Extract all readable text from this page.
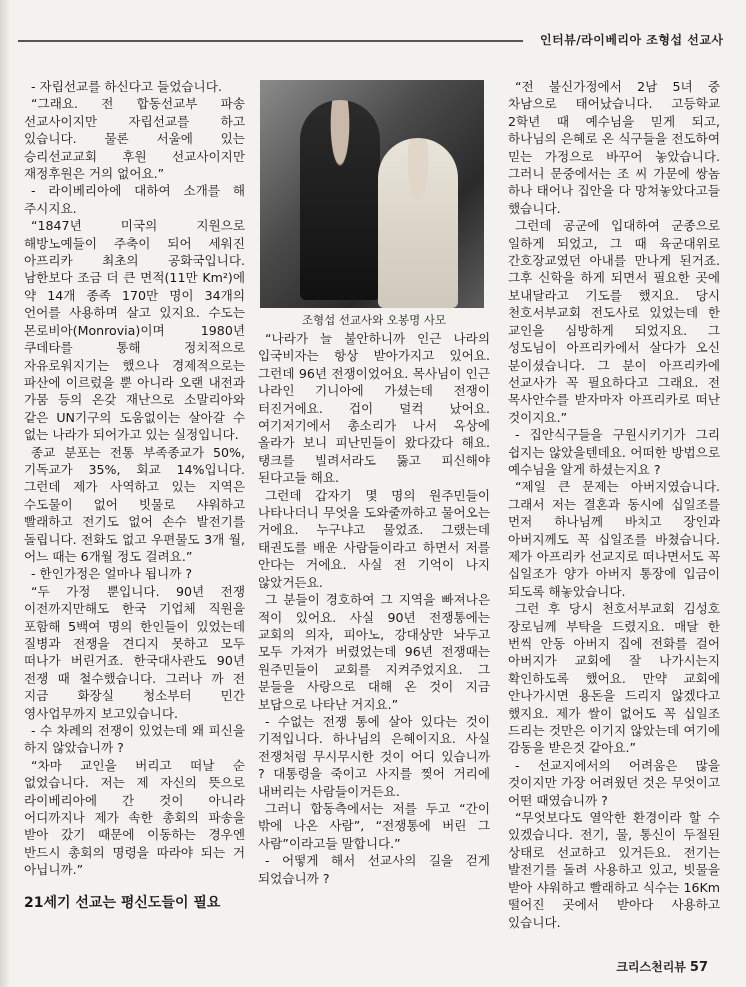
인터뷰/라이베리아 조형섭 선교사

- 자립선교를 하신다고 들었습니다.

“그래요. 전 합동선교부 파송 선교사이지만 자립선교를 하고 있습니다. 물론 서울에 있는 승리선교교회 후원 선교사이지만 재정후원은 거의 없어요.”

- 라이베리아에 대하여 소개를 해 주시지요.

“1847년 미국의 지원으로 해방노예들이 주축이 되어 세워진 아프리카 최초의 공화국입니다. 남한보다 조금 더 큰 면적(11만 Km²)에 약 14개 종족 170만 명이 34개의 언어를 사용하며 살고 있지요. 수도는 몬로비아(Monrovia)이며 1980년 쿠데타를 통해 정치적으로 자유로워지기는 했으나 경제적으로는 파산에 이르렀을 뿐 아니라 오랜 내전과 가뭄 등의 온갖 재난으로 소말리아와 같은 UN기구의 도움없이는 살아갈 수 없는 나라가 되어가고 있는 실정입니다.

종교 분포는 전통 부족종교가 50%, 기독교가 35%, 회교 14%입니다. 그런데 제가 사역하고 있는 지역은 수도물이 없어 빗물로 샤워하고 빨래하고 전기도 없어 손수 발전기를 돌립니다. 전화도 없고 우편물도 3개 월, 어느 때는 6개월 정도 걸려요.”

- 한인가정은 얼마나 됩니까 ?

“두 가정 뿐입니다. 90년 전쟁 이전까지만해도 한국 기업체 직원을 포함해 5백여 명의 한인들이 있었는데 질병과 전쟁을 견디지 못하고 모두 떠나가 버린거죠. 한국대사관도 90년 전쟁 때 철수했습니다. 그러나 까 전 지금 화장실 청소부터 민간 영사업무까지 보고있습니다.

- 수 차례의 전쟁이 있었는데 왜 피신을 하지 않았습니까 ?

“차마 교인을 버리고 떠날 순 없었습니다. 저는 제 자신의 뜻으로 라이베리아에 간 것이 아니라 어디까지나 제가 속한 총회의 파송을 받아 갔기 때문에 이동하는 경우엔 반드시 총회의 명령을 따라야 되는 거 아닙니까.”

21세기 선교는 평신도들이 필요

조형섭 선교사와 오봉명 사모

“나라가 늘 불안하니까 인근 나라의 입국비자는 항상 받아가지고 있어요. 그런데 96년 전쟁이었어요. 목사님이 인근 나라인 기니아에 가셨는데 전쟁이 터진거에요. 겁이 덜컥 났어요. 여기저기에서 총소리가 나서 옥상에 올라가 보니 피난민들이 왔다갔다 해요. 탱크를 빌려서라도 뚫고 피신해야 된다고들 해요.

그런데 갑자기 몇 명의 원주민들이 나타나더니 무엇을 도와줄까하고 물어오는 거에요. 누구냐고 물었죠. 그랬는데 태권도를 배운 사람들이라고 하면서 저를 안다는 거에요. 사실 전 기억이 나지 않았거든요.

그 분들이 경호하여 그 지역을 빠져나은 적이 있어요. 사실 90년 전쟁통에는 교회의 의자, 피아노, 강대상만 놔두고 모두 가져가 버렸었는데 96년 전쟁때는 원주민들이 교회를 지켜주었지요. 그 분들을 사랑으로 대해 온 것이 지금 보답으로 나타난 거지요.”

- 수없는 전쟁 통에 살아 있다는 것이 기적입니다. 하나님의 은혜이지요. 사실 전쟁처럼 무시무시한 것이 어디 있습니까 ? 대통령을 죽이고 사지를 찢어 거리에 내버리는 사람들이거든요.

그러니 합동측에서는 저를 두고 “간이 밖에 나온 사람”, “전쟁통에 버린 그 사람”이라고들 말합니다.”

- 어떻게 해서 선교사의 길을 걷게 되었습니까 ?

“전 불신가정에서 2남 5녀 중 차남으로 태어났습니다. 고등학교 2학년 때 예수님을 믿게 되고, 하나님의 은혜로 온 식구들을 전도하여 믿는 가정으로 바꾸어 놓았습니다. 그러니 문중에서는 조 씨 가문에 쌍놈 하나 태어나 집안을 다 망쳐놓았다고들 했습니다.

그런데 공군에 입대하여 군종으로 일하게 되었고, 그 때 육군대위로 간호장교였던 아내를 만나게 된거죠. 그후 신학을 하게 되면서 필요한 곳에 보내달라고 기도를 했지요. 당시 천호서부교회 전도사로 있었는데 한 교인을 심방하게 되었지요. 그 성도님이 아프리카에서 살다가 오신 분이셨습니다. 그 분이 아프리카에 선교사가 꼭 필요하다고 그래요. 전 목사안수를 받자마자 아프리카로 떠난 것이지요.”

- 집안식구들을 구원시키기가 그리 쉽지는 않았을텐데요. 어떠한 방법으로 예수님을 알게 하셨는지요 ?

“제일 큰 문제는 아버지였습니다. 그래서 저는 결혼과 동시에 십일조를 먼저 하나님께 바치고 장인과 아버지께도 꼭 십일조를 바쳤습니다. 제가 아프리카 선교지로 떠나면서도 꼭 십일조가 양가 아버지 통장에 입금이 되도록 해놓았습니다.

그런 후 당시 천호서부교회 김성호 장로님께 부탁을 드렸지요. 매달 한 번씩 안동 아버지 집에 전화를 걸어 아버지가 교회에 잘 나가시는지 확인하도록 했어요. 만약 교회에 안나가시면 용돈을 드리지 않겠다고 했지요. 제가 쌀이 없어도 꼭 십일조 드리는 것만은 이기지 않았는데 여기에 감동을 받은것 같아요.”

- 선교지에서의 어려움은 많을 것이지만 가장 어려웠던 것은 무엇이고 어떤 때였습니까 ?

“무엇보다도 열악한 환경이라 할 수 있겠습니다. 전기, 물, 통신이 두절된 상태로 선교하고 있거든요. 전기는 발전기를 돌려 사용하고 있고, 빗물을 받아 샤워하고 빨래하고 식수는 16Km 떨어진 곳에서 받아다 사용하고 있습니다.

크리스천리뷰 57
